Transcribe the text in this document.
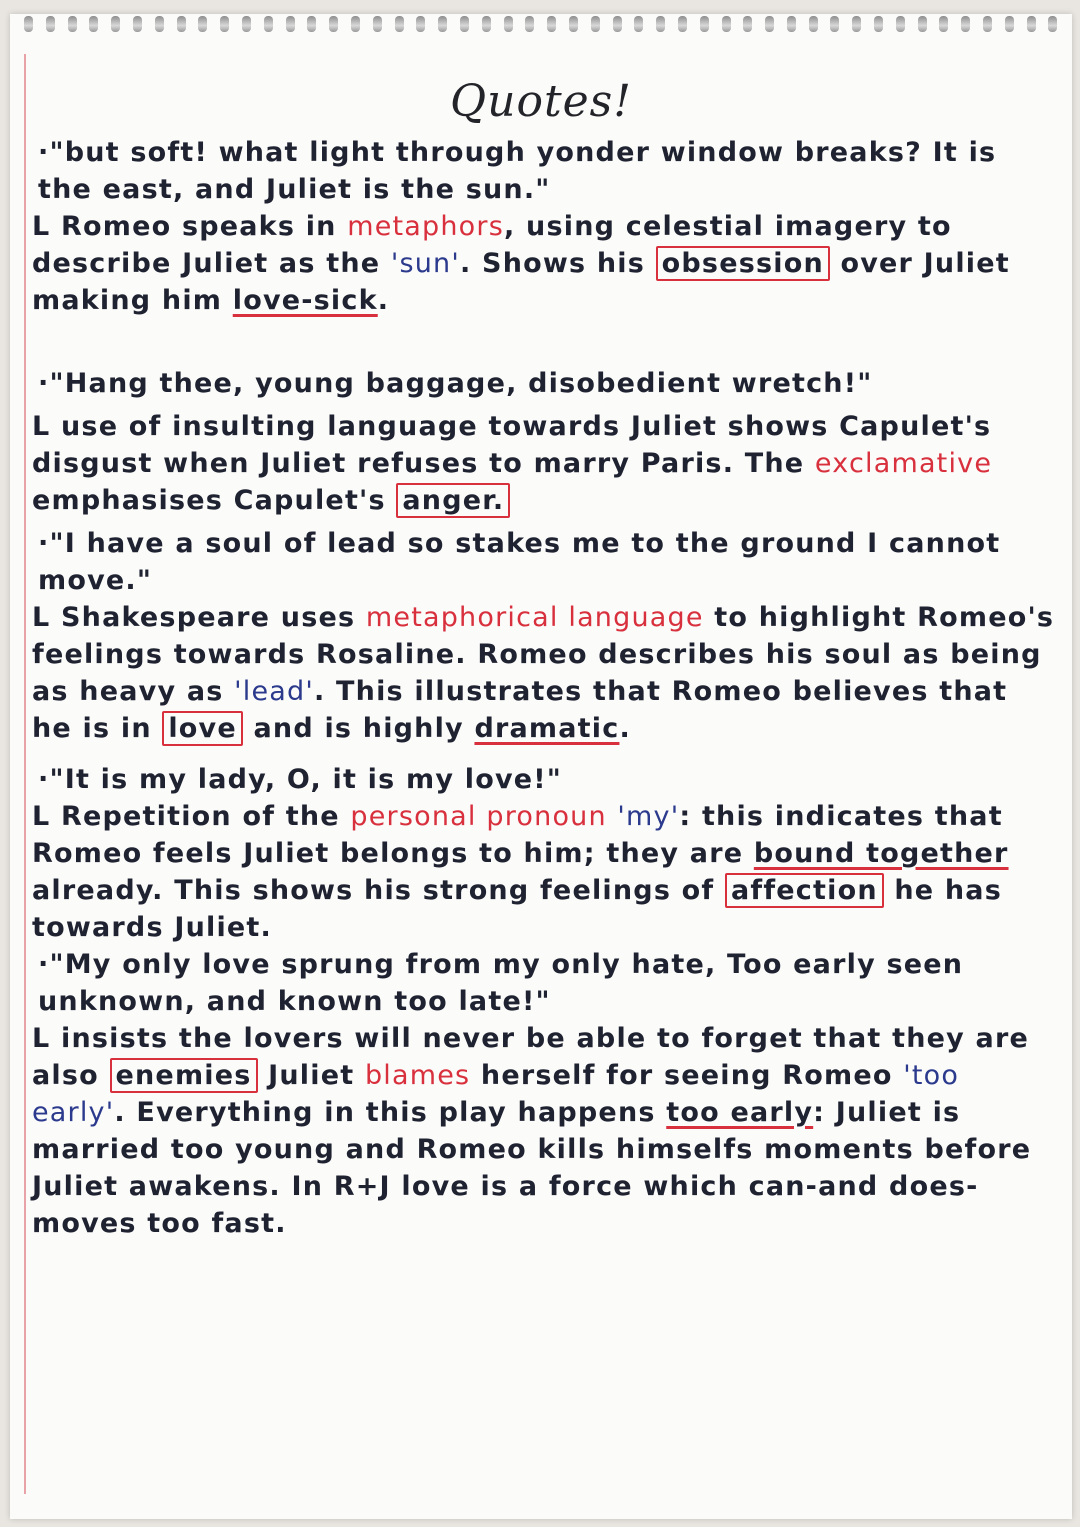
Quotes!

·"but soft! what light through yonder window breaks? It is the east, and Juliet is the sun."

L Romeo speaks in metaphors, using celestial imagery to describe Juliet as the 'sun'. Shows his obsession over Juliet making him love-sick.

·"Hang thee, young baggage, disobedient wretch!"

L use of insulting language towards Juliet shows Capulet's disgust when Juliet refuses to marry Paris. The exclamative emphasises Capulet's anger.

·"I have a soul of lead so stakes me to the ground I cannot move."

L Shakespeare uses metaphorical language to highlight Romeo's feelings towards Rosaline. Romeo describes his soul as being as heavy as 'lead'. This illustrates that Romeo believes that he is in love and is highly dramatic.

·"It is my lady, O, it is my love!"

L Repetition of the personal pronoun 'my': this indicates that Romeo feels Juliet belongs to him; they are bound together already. This shows his strong feelings of affection he has towards Juliet.

·"My only love sprung from my only hate, Too early seen unknown, and known too late!"

L insists the lovers will never be able to forget that they are also enemies Juliet blames herself for seeing Romeo 'too early'. Everything in this play happens too early: Juliet is married too young and Romeo kills himselfs moments before Juliet awakens. In R+J love is a force which can-and does-moves too fast.
